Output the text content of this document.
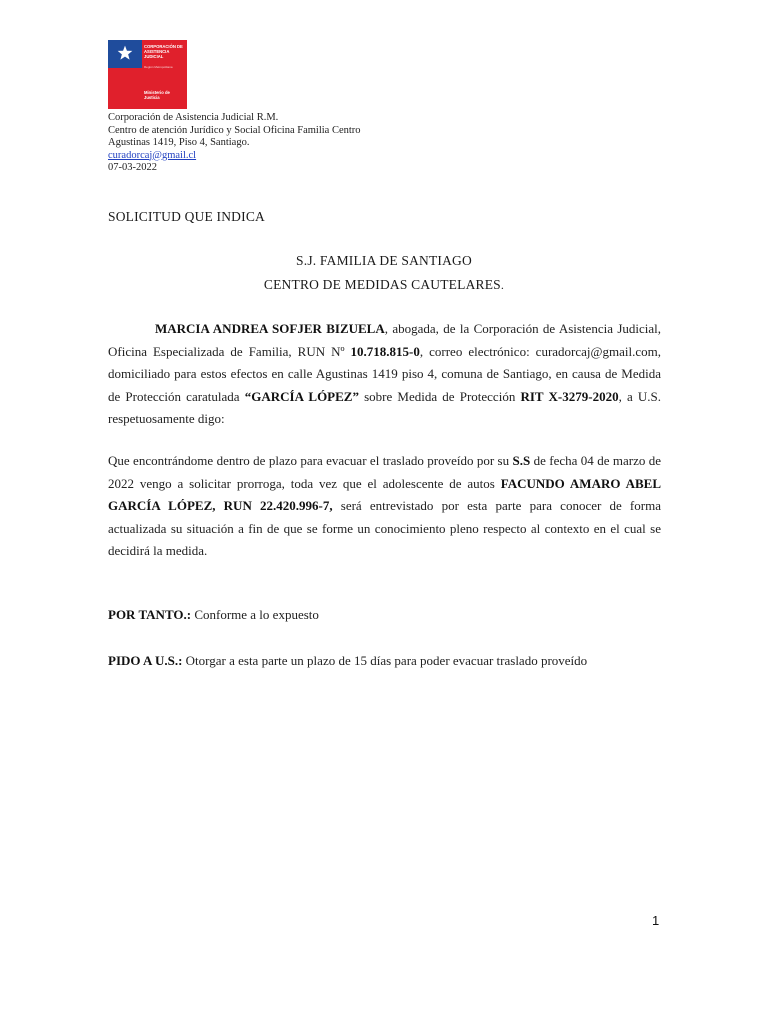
CORPORACIÓN DE
ASISTENCIA
JUDICIAL
Región Metropolitana
Ministerio de
Justicia
Corporación de Asistencia Judicial R.M.
Centro de atención Jurídico y Social Oficina Familia Centro
Agustinas 1419, Piso 4, Santiago.
curadorcaj@gmail.cl
07-03-2022
SOLICITUD QUE INDICA
S.J. FAMILIA DE SANTIAGO
CENTRO DE MEDIDAS CAUTELARES.
MARCIA ANDREA SOFJER BIZUELA, abogada, de la Corporación de Asistencia Judicial, Oficina Especializada de Familia, RUN Nº 10.718.815-0, correo electrónico: curadorcaj@gmail.com, domiciliado para estos efectos en calle Agustinas 1419 piso 4, comuna de Santiago, en causa de Medida de Protección caratulada “GARCÍA LÓPEZ” sobre Medida de Protección RIT X-3279-2020, a U.S. respetuosamente digo:
Que encontrándome dentro de plazo para evacuar el traslado proveído por su S.S de fecha 04 de marzo de 2022 vengo a solicitar prorroga, toda vez que el adolescente de autos FACUNDO AMARO ABEL GARCÍA LÓPEZ, RUN 22.420.996-7, será entrevistado por esta parte para conocer de forma actualizada su situación a fin de que se forme un conocimiento pleno respecto al contexto en el cual se decidirá la medida.
POR TANTO.: Conforme a lo expuesto
PIDO A U.S.: Otorgar a esta parte un plazo de 15 días para poder evacuar traslado proveído
1
